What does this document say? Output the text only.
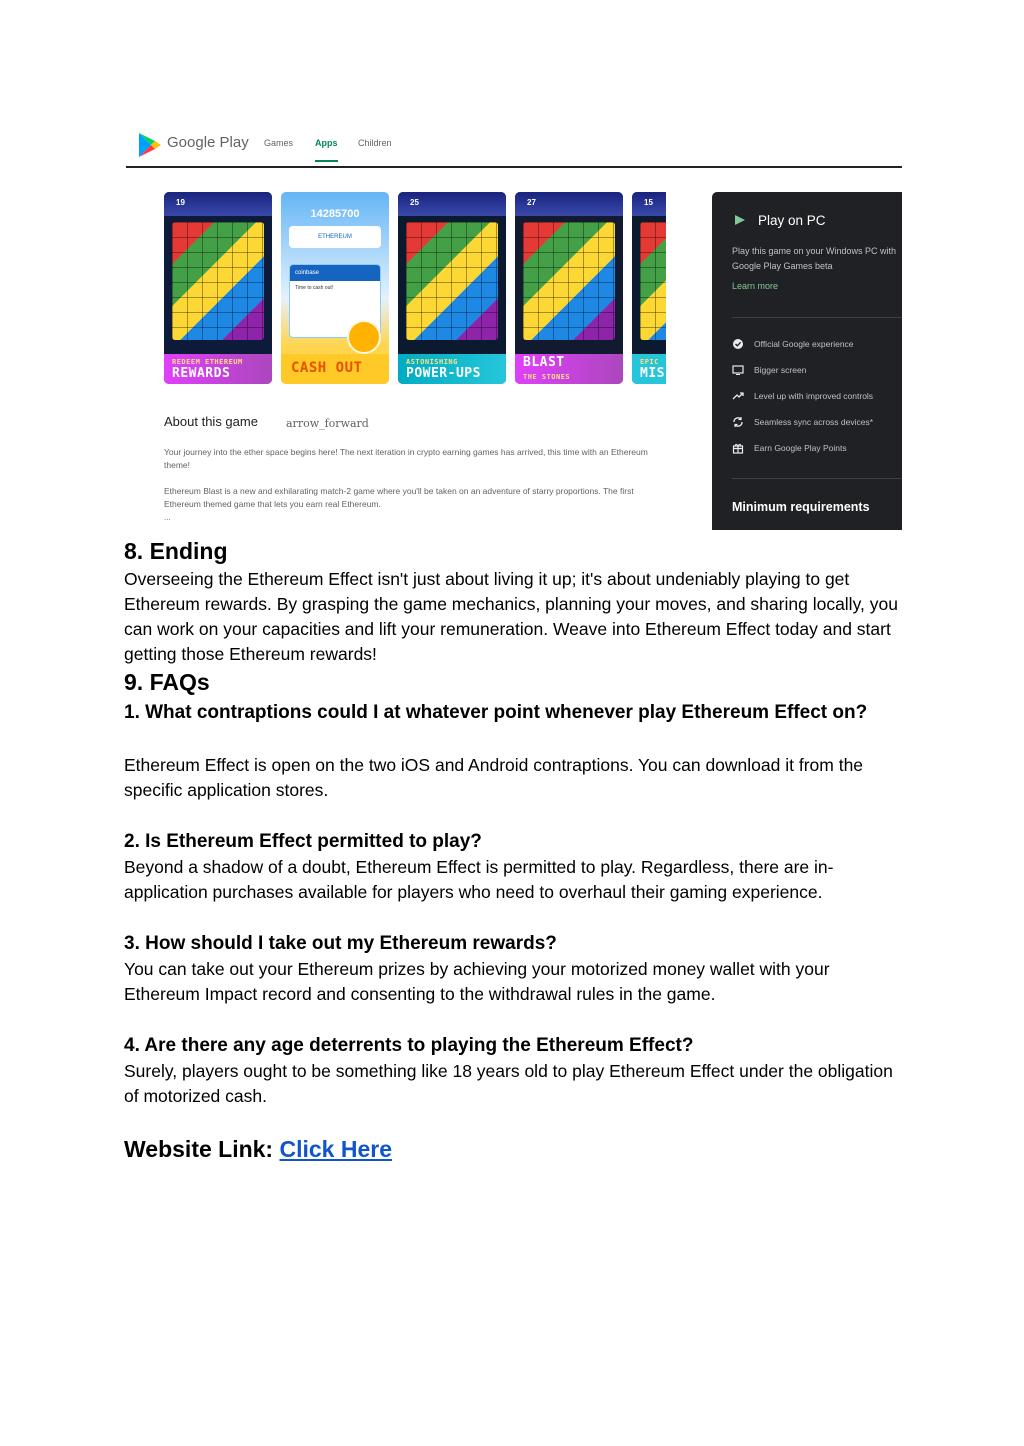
Google Play Games Apps Children
19
REDEEM ETHEREUM
REWARDS
14285700
ETHEREUM
coinbase
Time to cash out!
CASH OUT
25
ASTONISHING
POWER-UPS
27
BLAST
THE STONES
15
EPIC
MIS
About this game	arrow_forward
Your journey into the ether space begins here! The next iteration in crypto earning games has arrived, this time with an Ethereum theme!
Ethereum Blast is a new and exhilarating match-2 game where you'll be taken on an adventure of starry proportions. The first Ethereum themed game that lets you earn real Ethereum.
...
Play on PC
Play this game on your Windows PC with Google Play Games beta
Learn more
Official Google experience
Bigger screen
Level up with improved controls
Seamless sync across devices*
Earn Google Play Points
Minimum requirements
8. Ending
Overseeing the Ethereum Effect isn't just about living it up; it's about undeniably playing to get Ethereum rewards. By grasping the game mechanics, planning your moves, and sharing locally, you can work on your capacities and lift your remuneration. Weave into Ethereum Effect today and start getting those Ethereum rewards!
9. FAQs
1. What contraptions could I at whatever point whenever play Ethereum Effect on?
Ethereum Effect is open on the two iOS and Android contraptions. You can download it from the specific application stores.
2. Is Ethereum Effect permitted to play?
Beyond a shadow of a doubt, Ethereum Effect is permitted to play. Regardless, there are in-application purchases available for players who need to overhaul their gaming experience.
3. How should I take out my Ethereum rewards?
You can take out your Ethereum prizes by achieving your motorized money wallet with your Ethereum Impact record and consenting to the withdrawal rules in the game.
4. Are there any age deterrents to playing the Ethereum Effect?
Surely, players ought to be something like 18 years old to play Ethereum Effect under the obligation of motorized cash.
Website Link: Click Here
